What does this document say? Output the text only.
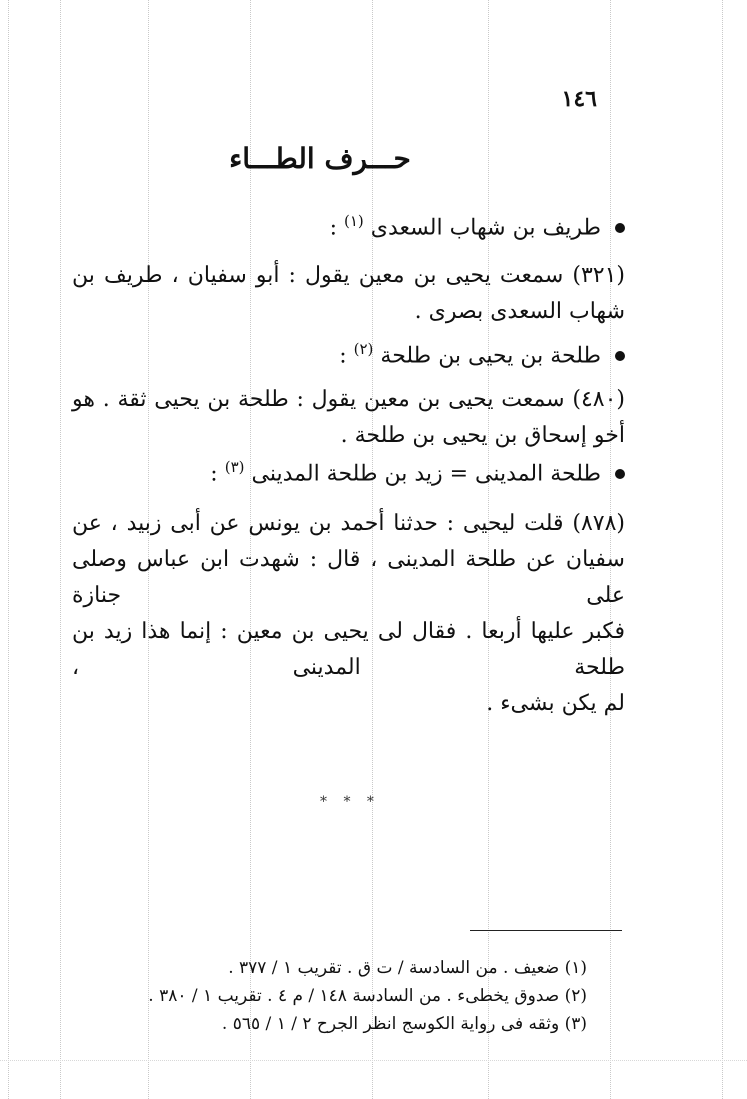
١٤٦
حـــرف الطـــاء
طريف بن شهاب السعدى $^{(١)}$ :
(٣٢١) سمعت يحيى بن معين يقول : أبو سفيان ، طريف بن
شهاب السعدى بصرى .
طلحة بن يحيى بن طلحة $^{(٢)}$ :
(٤٨٠) سمعت يحيى بن معين يقول : طلحة بن يحيى ثقة . هو
أخو إسحاق بن يحيى بن طلحة .
طلحة المدينى = زيد بن طلحة المدينى $^{(٣)}$ :
(٨٧٨) قلت ليحيى : حدثنا أحمد بن يونس عن أبى زبيد ، عن
سفيان عن طلحة المدينى ، قال : شهدت ابن عباس وصلى على جنازة
فكبر عليها أربعا . فقال لى يحيى بن معين : إنما هذا زيد بن طلحة المدينى ،
لم يكن بشىء .
* * *
(١) ضعيف . من السادسة / ت ق . تقريب ١ / ٣٧٧ .
(٢) صدوق يخطىء . من السادسة ١٤٨ / م ٤ . تقريب ١ / ٣٨٠ .
(٣) وثقه فى رواية الكوسج انظر الجرح ٢ / ١ / ٥٦٥ .
